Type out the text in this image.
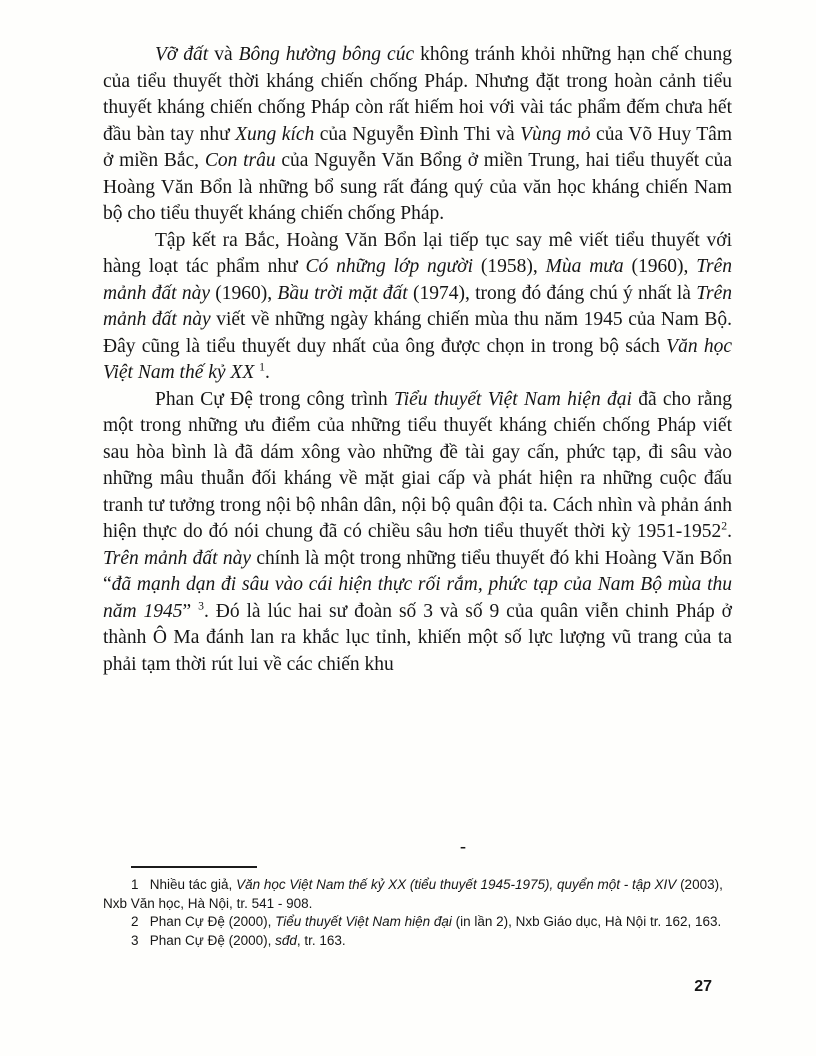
Vỡ đất và Bông hường bông cúc không tránh khỏi những hạn chế chung của tiểu thuyết thời kháng chiến chống Pháp. Nhưng đặt trong hoàn cảnh tiểu thuyết kháng chiến chống Pháp còn rất hiếm hoi với vài tác phẩm đếm chưa hết đầu bàn tay như Xung kích của Nguyễn Đình Thi và Vùng mỏ của Võ Huy Tâm ở miền Bắc, Con trâu của Nguyễn Văn Bổng ở miền Trung, hai tiểu thuyết của Hoàng Văn Bổn là những bổ sung rất đáng quý của văn học kháng chiến Nam bộ cho tiểu thuyết kháng chiến chống Pháp.

Tập kết ra Bắc, Hoàng Văn Bổn lại tiếp tục say mê viết tiểu thuyết với hàng loạt tác phẩm như Có những lớp người (1958), Mùa mưa (1960), Trên mảnh đất này (1960), Bầu trời mặt đất (1974), trong đó đáng chú ý nhất là Trên mảnh đất này viết về những ngày kháng chiến mùa thu năm 1945 của Nam Bộ. Đây cũng là tiểu thuyết duy nhất của ông được chọn in trong bộ sách Văn học Việt Nam thế kỷ XX $^1$.

Phan Cự Đệ trong công trình Tiểu thuyết Việt Nam hiện đại đã cho rằng một trong những ưu điểm của những tiểu thuyết kháng chiến chống Pháp viết sau hòa bình là đã dám xông vào những đề tài gay cấn, phức tạp, đi sâu vào những mâu thuẫn đối kháng về mặt giai cấp và phát hiện ra những cuộc đấu tranh tư tưởng trong nội bộ nhân dân, nội bộ quân đội ta. Cách nhìn và phản ánh hiện thực do đó nói chung đã có chiều sâu hơn tiểu thuyết thời kỳ 1951-1952$^2$. Trên mảnh đất này chính là một trong những tiểu thuyết đó khi Hoàng Văn Bổn “đã mạnh dạn đi sâu vào cái hiện thực rối rắm, phức tạp của Nam Bộ mùa thu năm 1945” $^3$. Đó là lúc hai sư đoàn số 3 và số 9 của quân viễn chinh Pháp ở thành Ô Ma đánh lan ra khắc lục tỉnh, khiến một số lực lượng vũ trang của ta phải tạm thời rút lui về các chiến khu

-

1   Nhiều tác giả, Văn học Việt Nam thế kỷ XX (tiểu thuyết 1945-1975), quyển một - tập XIV (2003), Nxb Văn học, Hà Nội, tr. 541 - 908.

2   Phan Cự Đệ (2000), Tiểu thuyết Việt Nam hiện đại (in lần 2), Nxb Giáo dục, Hà Nội tr. 162, 163.

3   Phan Cự Đệ (2000), sđd, tr. 163.

27
